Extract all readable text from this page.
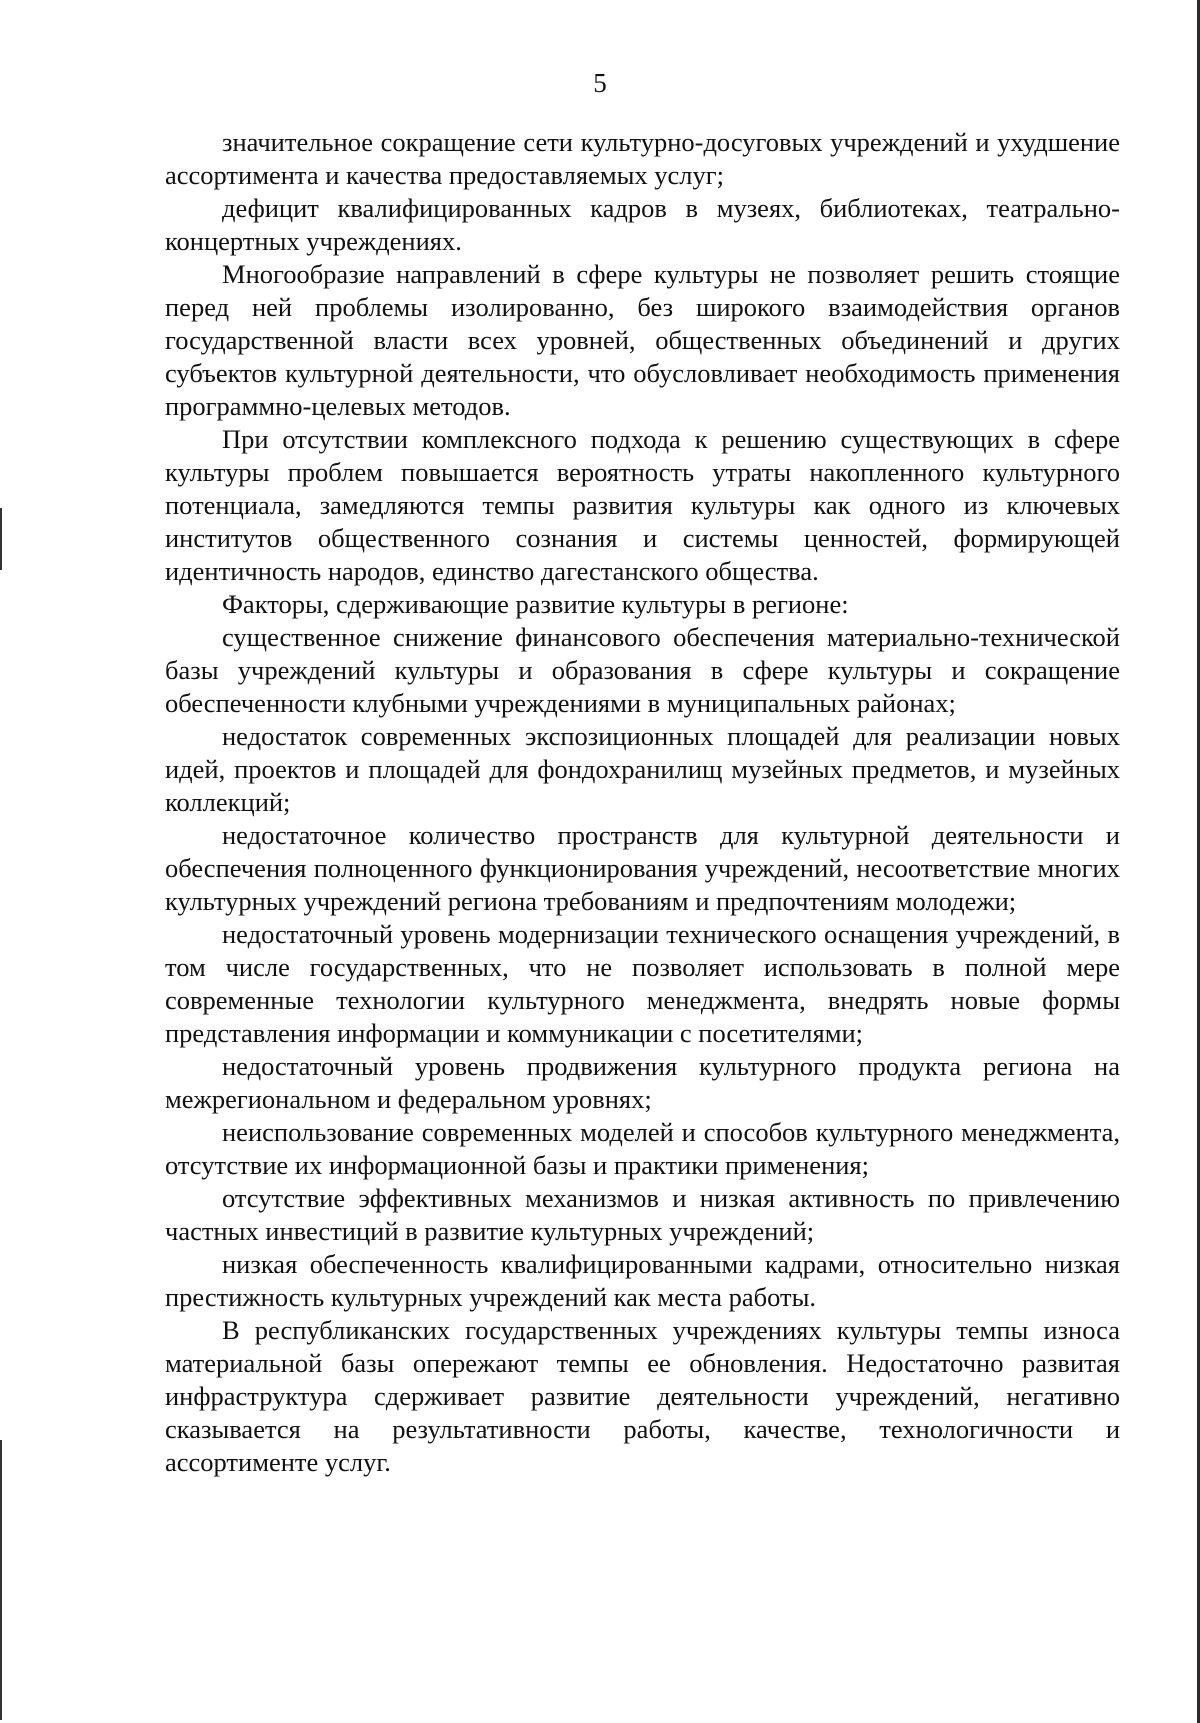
5

значительное сокращение сети культурно-досуговых учреждений и ухудшение ассортимента и качества предоставляемых услуг;

дефицит квалифицированных кадров в музеях, библиотеках, театрально-концертных учреждениях.

Многообразие направлений в сфере культуры не позволяет решить стоящие перед ней проблемы изолированно, без широкого взаимодействия органов государственной власти всех уровней, общественных объединений и других субъектов культурной деятельности, что обусловливает необходимость применения программно-целевых методов.

При отсутствии комплексного подхода к решению существующих в сфере культуры проблем повышается вероятность утраты накопленного культурного потенциала, замедляются темпы развития культуры как одного из ключевых институтов общественного сознания и системы ценностей, формирующей идентичность народов, единство дагестанского общества.

Факторы, сдерживающие развитие культуры в регионе:

существенное снижение финансового обеспечения материально-технической базы учреждений культуры и образования в сфере культуры и сокращение обеспеченности клубными учреждениями в муниципальных районах;

недостаток современных экспозиционных площадей для реализации новых идей, проектов и площадей для фондохранилищ музейных предметов, и музейных коллекций;

недостаточное количество пространств для культурной деятельности и обеспечения полноценного функционирования учреждений, несоответствие многих культурных учреждений региона требованиям и предпочтениям молодежи;

недостаточный уровень модернизации технического оснащения учреждений, в том числе государственных, что не позволяет использовать в полной мере современные технологии культурного менеджмента, внедрять новые формы представления информации и коммуникации с посетителями;

недостаточный уровень продвижения культурного продукта региона на межрегиональном и федеральном уровнях;

неиспользование современных моделей и способов культурного менеджмента, отсутствие их информационной базы и практики применения;

отсутствие эффективных механизмов и низкая активность по привлечению частных инвестиций в развитие культурных учреждений;

низкая обеспеченность квалифицированными кадрами, относительно низкая престижность культурных учреждений как места работы.

В республиканских государственных учреждениях культуры темпы износа материальной базы опережают темпы ее обновления. Недостаточно развитая инфраструктура сдерживает развитие деятельности учреждений, негативно сказывается на результативности работы, качестве, технологичности и ассортименте услуг.
